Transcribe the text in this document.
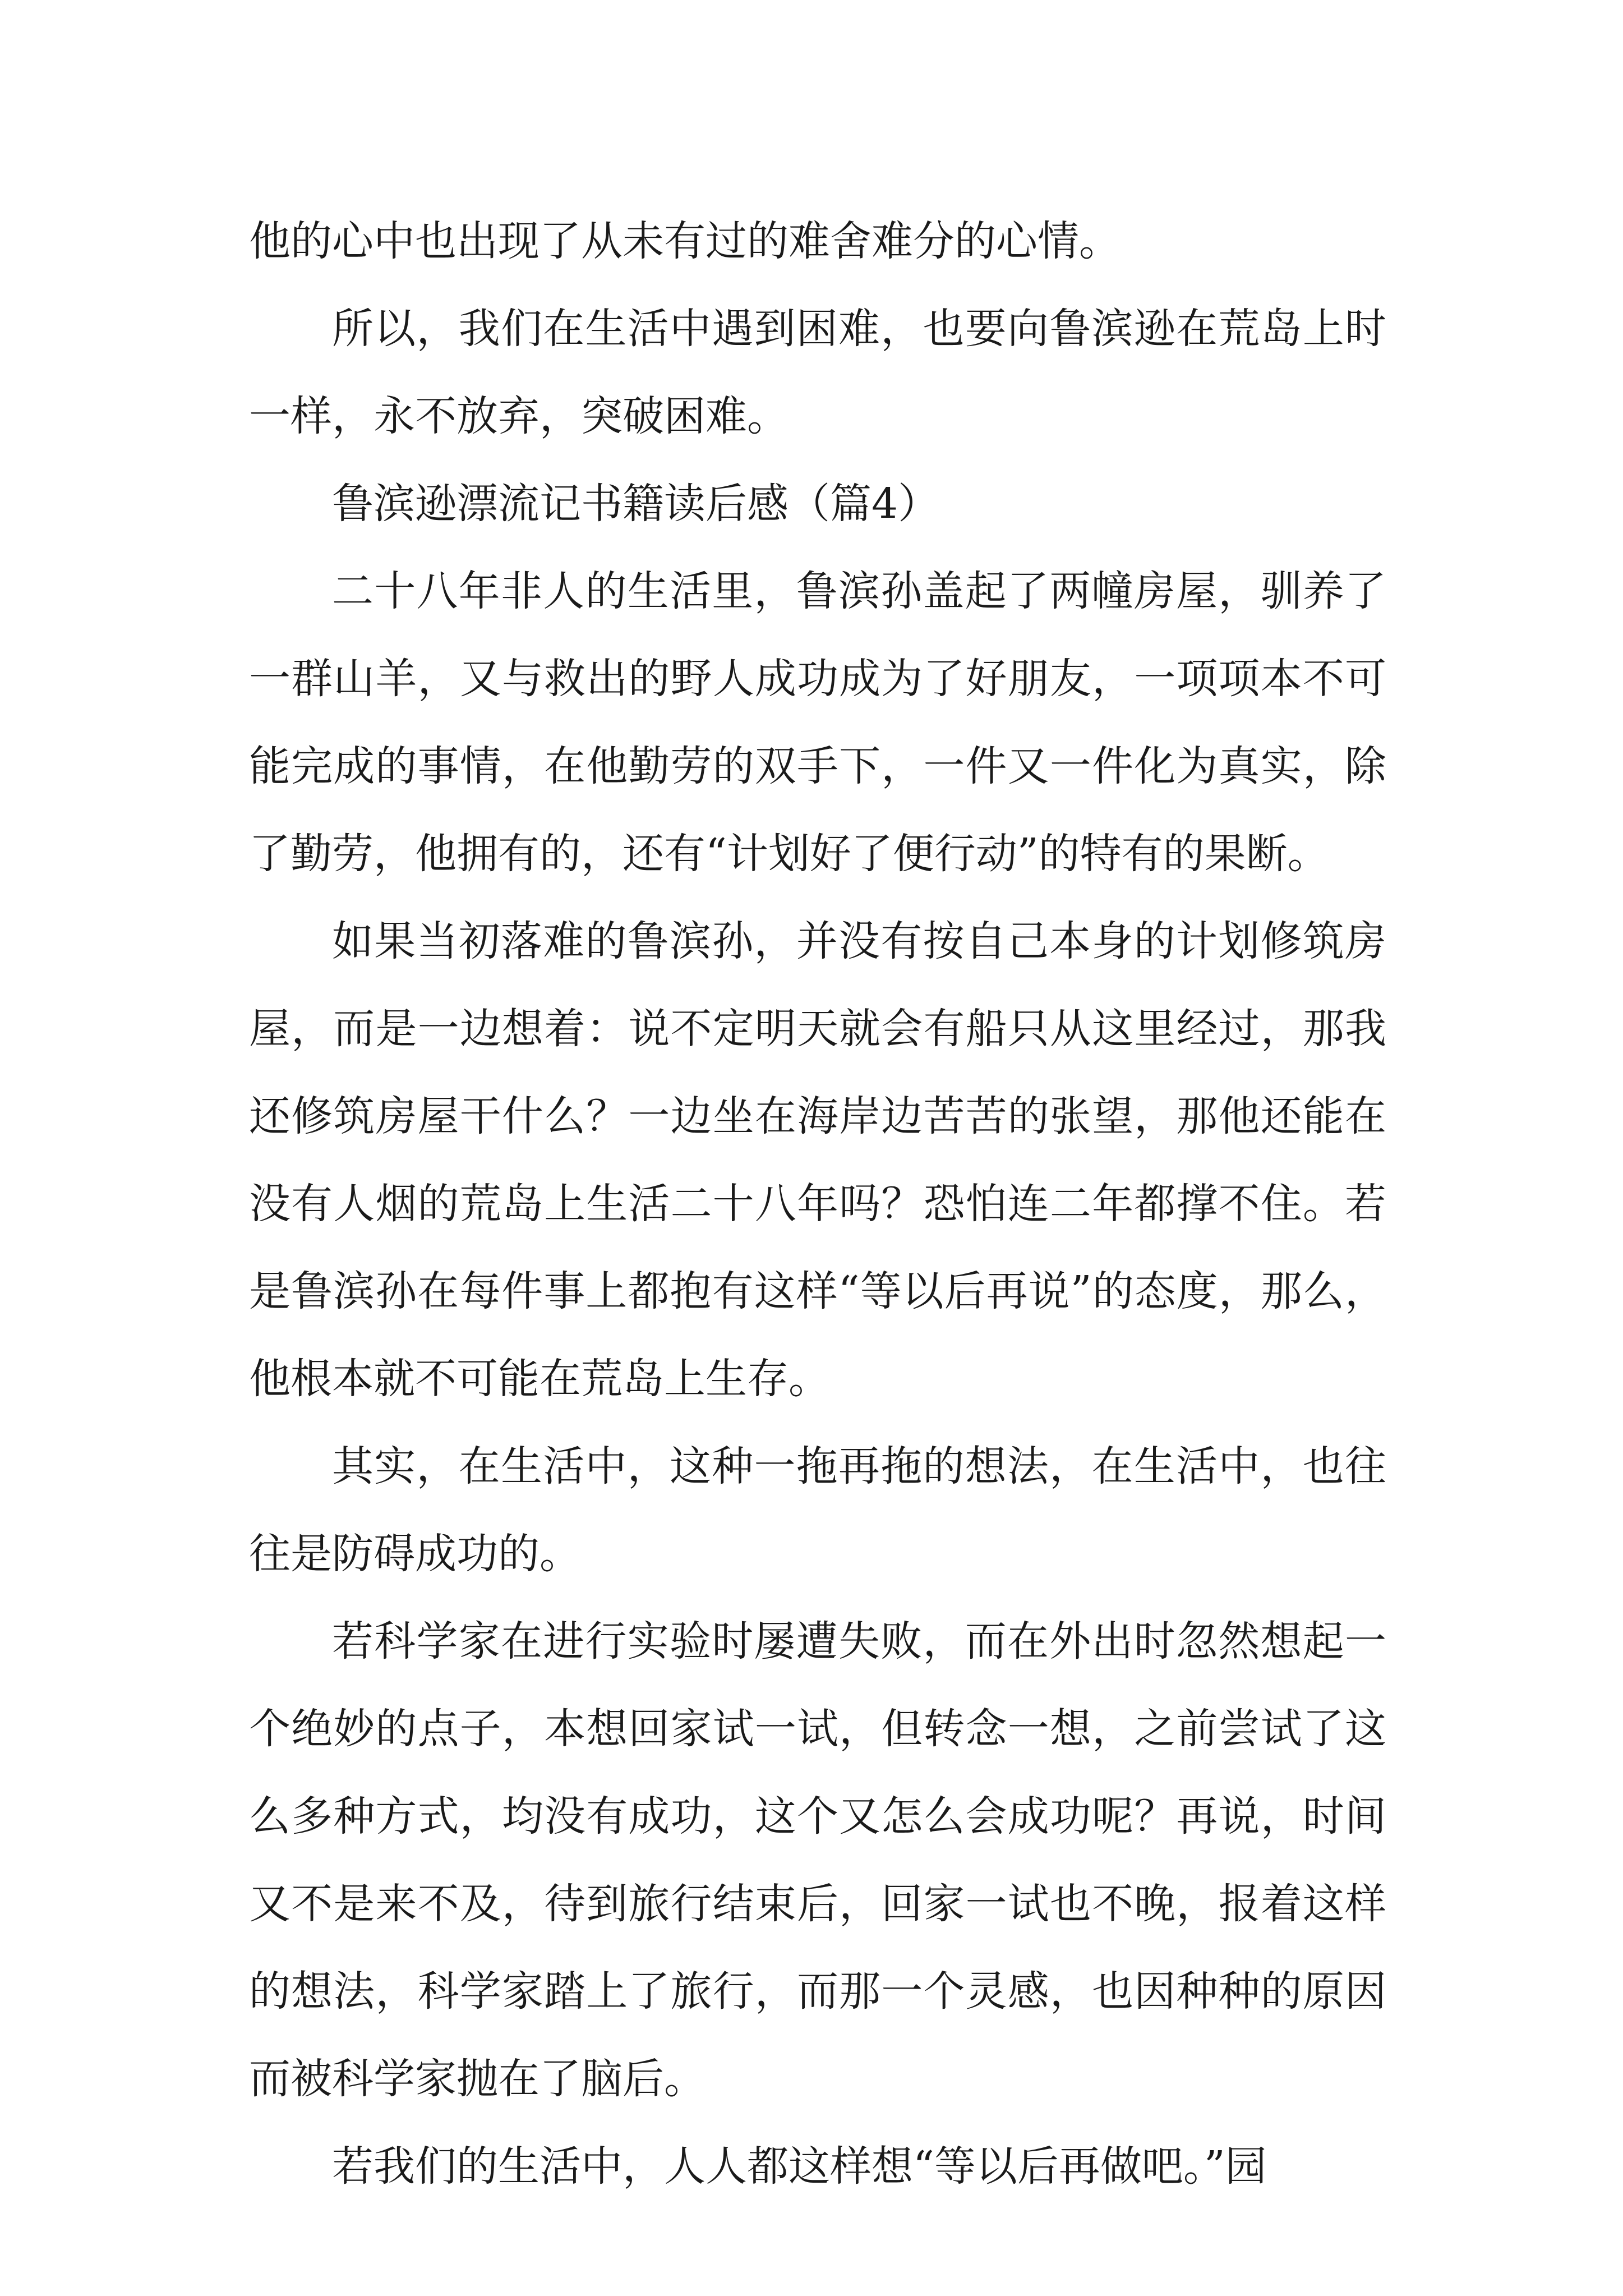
他的心中也出现了从未有过的难舍难分的心情。

所以，我们在生活中遇到困难，也要向鲁滨逊在荒岛上时一样，永不放弃，突破困难。

鲁滨逊漂流记书籍读后感（篇4）

二十八年非人的生活里，鲁滨孙盖起了两幢房屋，驯养了一群山羊，又与救出的野人成功成为了好朋友，一项项本不可能完成的事情，在他勤劳的双手下，一件又一件化为真实，除了勤劳，他拥有的，还有“计划好了便行动”的特有的果断。

如果当初落难的鲁滨孙，并没有按自己本身的计划修筑房屋，而是一边想着：说不定明天就会有船只从这里经过，那我还修筑房屋干什么？一边坐在海岸边苦苦的张望，那他还能在没有人烟的荒岛上生活二十八年吗？恐怕连二年都撑不住。若是鲁滨孙在每件事上都抱有这样“等以后再说”的态度，那么，他根本就不可能在荒岛上生存。

其实，在生活中，这种一拖再拖的想法，在生活中，也往往是防碍成功的。

若科学家在进行实验时屡遭失败，而在外出时忽然想起一个绝妙的点子，本想回家试一试，但转念一想，之前尝试了这么多种方式，均没有成功，这个又怎么会成功呢？再说，时间又不是来不及，待到旅行结束后，回家一试也不晚，报着这样的想法，科学家踏上了旅行，而那一个灵感，也因种种的原因而被科学家抛在了脑后。

若我们的生活中，人人都这样想“等以后再做吧。”园
